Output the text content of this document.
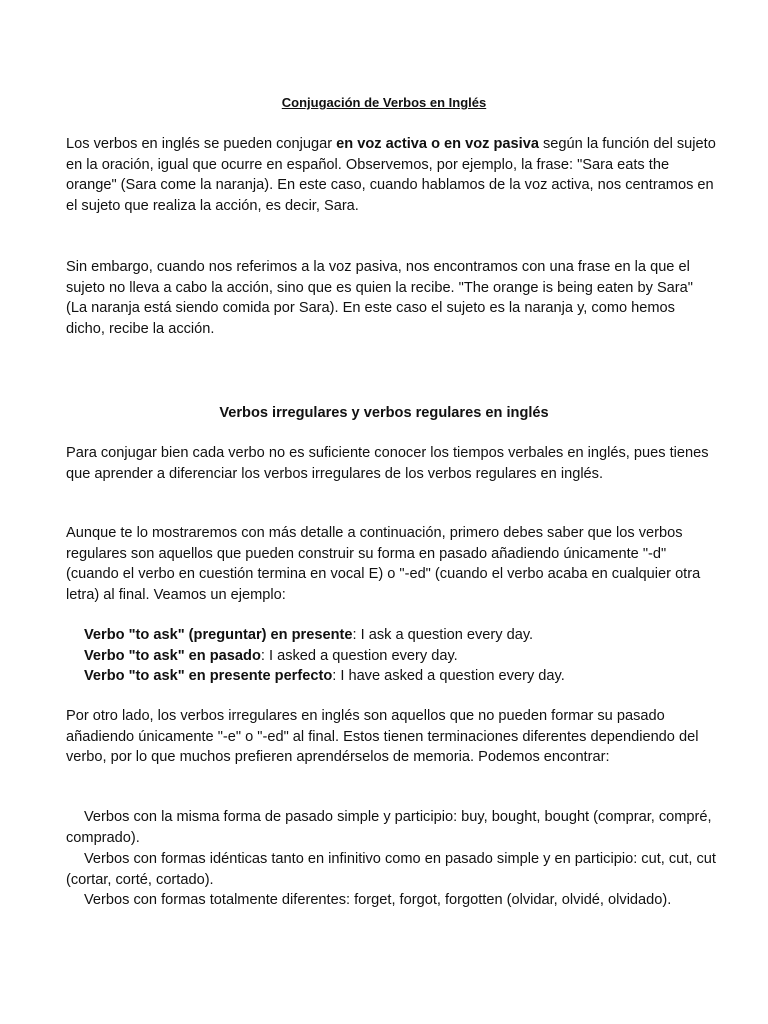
Conjugación de Verbos en Inglés

Los verbos en inglés se pueden conjugar en voz activa o en voz pasiva según la función del sujeto en la oración, igual que ocurre en español. Observemos, por ejemplo, la frase: "Sara eats the orange" (Sara come la naranja). En este caso, cuando hablamos de la voz activa, nos centramos en el sujeto que realiza la acción, es decir, Sara.

Sin embargo, cuando nos referimos a la voz pasiva, nos encontramos con una frase en la que el sujeto no lleva a cabo la acción, sino que es quien la recibe. "The orange is being eaten by Sara" (La naranja está siendo comida por Sara). En este caso el sujeto es la naranja y, como hemos dicho, recibe la acción.

Verbos irregulares y verbos regulares en inglés

Para conjugar bien cada verbo no es suficiente conocer los tiempos verbales en inglés, pues tienes que aprender a diferenciar los verbos irregulares de los verbos regulares en inglés.

Aunque te lo mostraremos con más detalle a continuación, primero debes saber que los verbos regulares son aquellos que pueden construir su forma en pasado añadiendo únicamente "-d" (cuando el verbo en cuestión termina en vocal E) o "-ed" (cuando el verbo acaba en cualquier otra letra) al final. Veamos un ejemplo:

Verbo "to ask" (preguntar) en presente: I ask a question every day.
Verbo "to ask" en pasado: I asked a question every day.
Verbo "to ask" en presente perfecto: I have asked a question every day.

Por otro lado, los verbos irregulares en inglés son aquellos que no pueden formar su pasado añadiendo únicamente "-e" o "-ed" al final. Estos tienen terminaciones diferentes dependiendo del verbo, por lo que muchos prefieren aprendérselos de memoria. Podemos encontrar:

Verbos con la misma forma de pasado simple y participio: buy, bought, bought (comprar, compré, comprado).

Verbos con formas idénticas tanto en infinitivo como en pasado simple y en participio: cut, cut, cut (cortar, corté, cortado).

Verbos con formas totalmente diferentes: forget, forgot, forgotten (olvidar, olvidé, olvidado).
